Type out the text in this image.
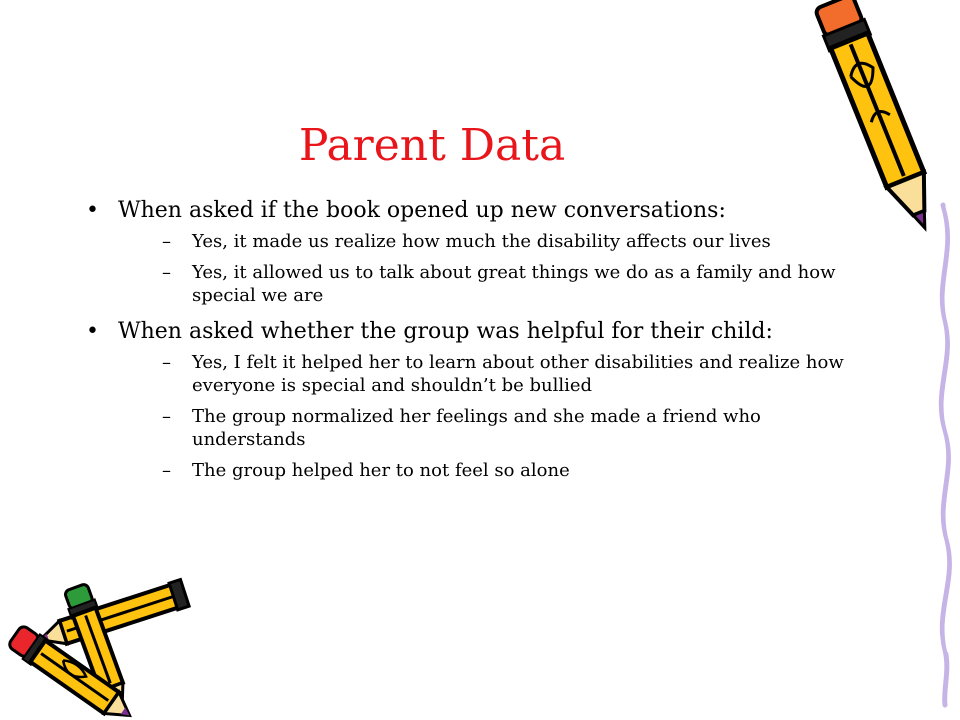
Parent Data
• When asked if the book opened up new conversations:
– Yes, it made us realize how much the disability affects our lives
– Yes, it allowed us to talk about great things we do as a family and how special we are
• When asked whether the group was helpful for their child:
– Yes, I felt it helped her to learn about other disabilities and realize how everyone is special and shouldn’t be bullied
– The group normalized her feelings and she made a friend who understands
– The group helped her to not feel so alone
